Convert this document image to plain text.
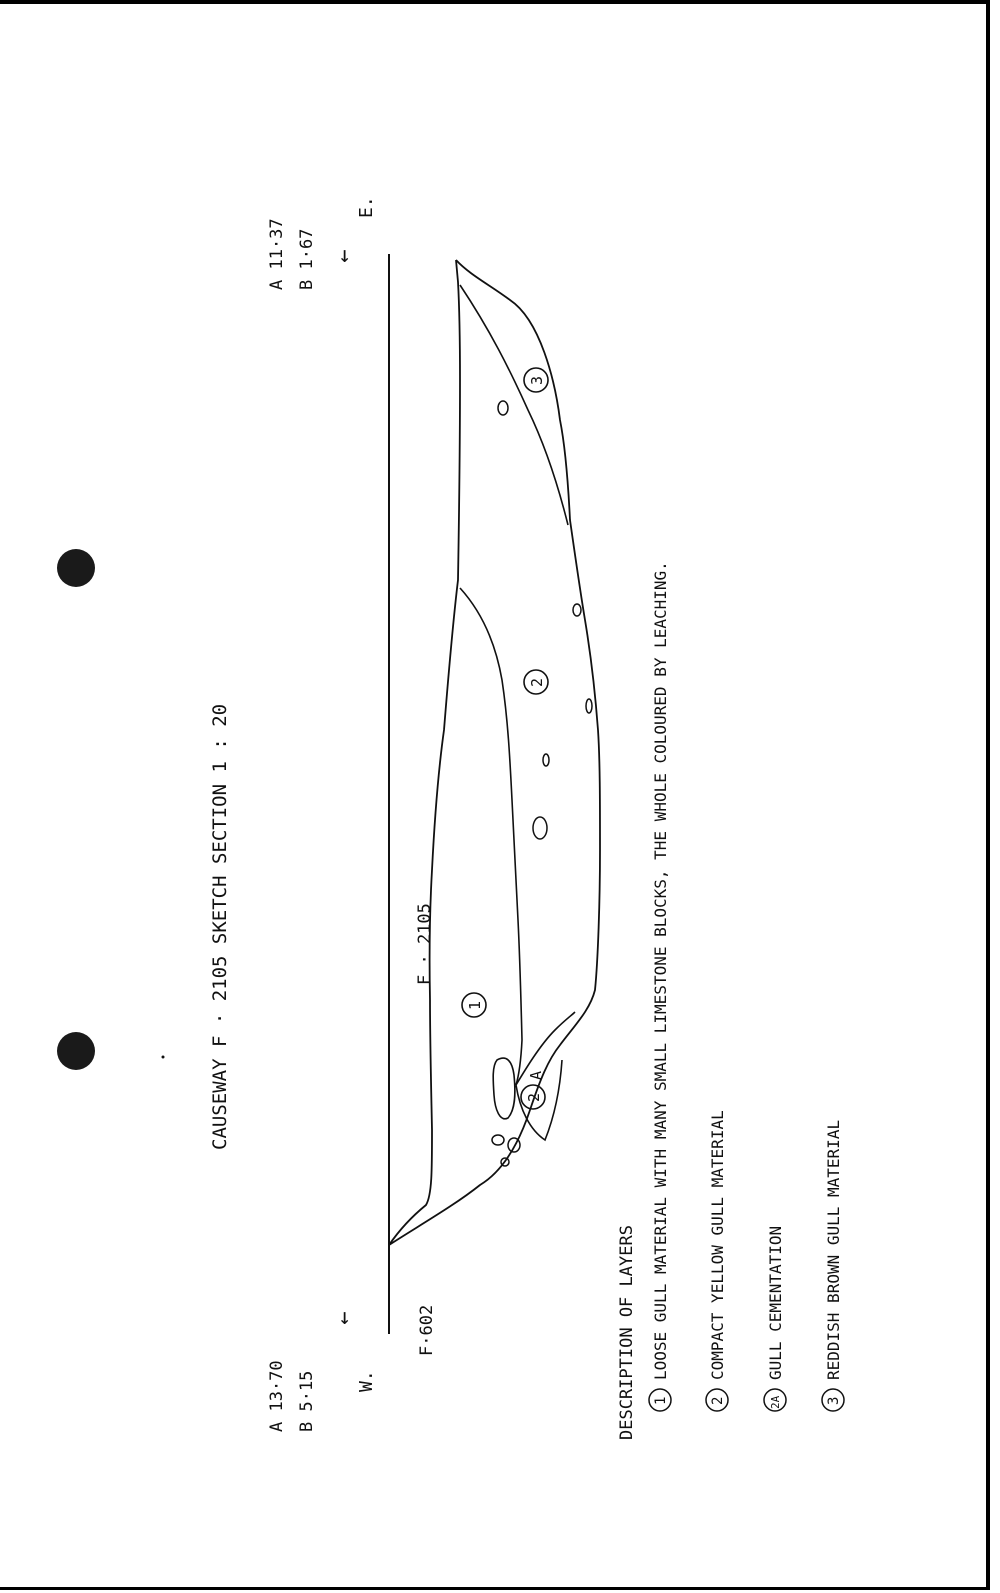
CAUSEWAY F · 2105 SKETCH SECTION 1 : 20
A 13·70 B 5·15
↓
W.
F·602
A 11·37 B 1·67 ↓
E.
F · 2105
1
2
2
A
3
DESCRIPTION OF LAYERS 1
LOOSE GULL MATERIAL WITH MANY SMALL LIMESTONE BLOCKS, THE WHOLE COLOURED BY LEACHING.
2
COMPACT YELLOW GULL MATERIAL
2A
GULL CEMENTATION
3
REDDISH BROWN GULL MATERIAL
